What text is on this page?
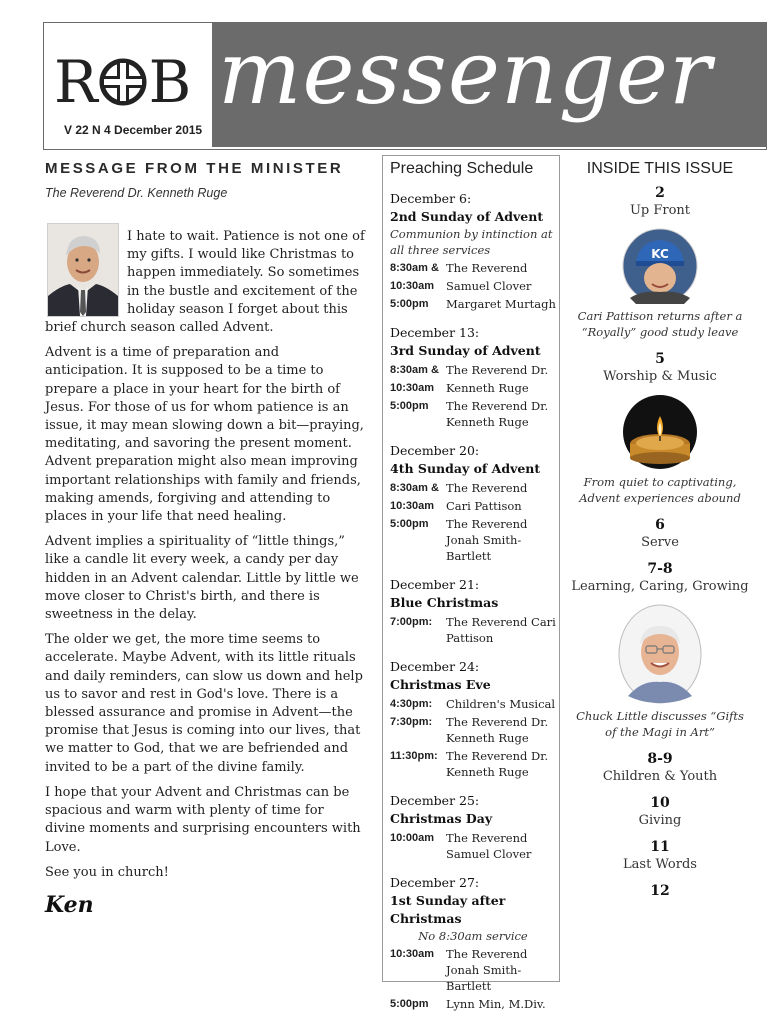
R B
V 22 N 4 December 2015
messenger
MESSAGE FROM THE MINISTER
The Reverend Dr. Kenneth Ruge

I hate to wait. Patience is not one of my gifts. I would like Christmas to happen immediately. So sometimes in the bustle and excitement of the holiday season I forget about this brief church season called Advent.

Advent is a time of preparation and anticipation. It is supposed to be a time to prepare a place in your heart for the birth of Jesus. For those of us for whom patience is an issue, it may mean slowing down a bit—praying, meditating, and savoring the present moment. Advent preparation might also mean improving important relationships with family and friends, making amends, forgiving and attending to places in your life that need healing.

Advent implies a spirituality of “little things,” like a candle lit every week, a candy per day hidden in an Advent calendar. Little by little we move closer to Christ's birth, and there is sweetness in the delay.

The older we get, the more time seems to accelerate. Maybe Advent, with its little rituals and daily reminders, can slow us down and help us to savor and rest in God's love. There is a blessed assurance and promise in Advent—the promise that Jesus is coming into our lives, that we matter to God, that we are befriended and invited to be a part of the divine family.

I hope that your Advent and Christmas can be spacious and warm with plenty of time for divine moments and surprising encounters with Love.

See you in church!

Ken
Preaching Schedule
December 6:
2nd Sunday of Advent
Communion by intinction at all three services
8:30am & The Reverend
10:30am	Samuel Clover
5:00pm	Margaret Murtagh
December 13:
3rd Sunday of Advent
8:30am & The Reverend Dr.
10:30am	Kenneth Ruge
5:00pm	The Reverend Dr. Kenneth Ruge
December 20:
4th Sunday of Advent
8:30am & The Reverend
10:30am	Cari Pattison
5:00pm	The Reverend Jonah Smith-Bartlett
December 21:
Blue Christmas
7:00pm:	The Reverend Cari Pattison
December 24:
Christmas Eve
4:30pm:	Children's Musical
7:30pm:	The Reverend Dr. Kenneth Ruge
11:30pm: The Reverend Dr. Kenneth Ruge
December 25:
Christmas Day
10:00am	The Reverend Samuel Clover
December 27:
1st Sunday after Christmas
No 8:30am service
10:30am	The Reverend Jonah Smith-Bartlett
5:00pm	Lynn Min, M.Div.
INSIDE THIS ISSUE
2
Up Front
KC
Cari Pattison returns after a “Royally” good study leave
5
Worship & Music
From quiet to captivating, Advent experiences abound
6
Serve
7-8
Learning, Caring, Growing
Chuck Little discusses “Gifts of the Magi in Art”
8-9
Children & Youth
10
Giving
11
Last Words
12
